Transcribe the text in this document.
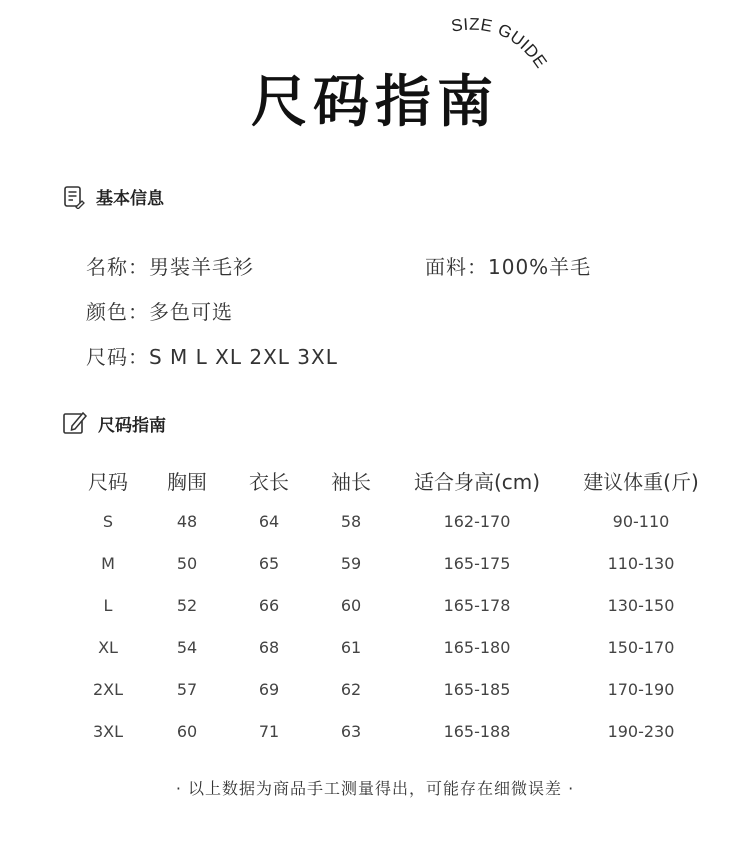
尺码指南
SIZE GUIDE
基本信息
名称：男装羊毛衫	面料：100%羊毛
颜色：多色可选
尺码：S M L XL 2XL 3XL
尺码指南
尺码	胸围	衣长	袖长	适合身高(cm)	建议体重(斤)
S	48	64	58	162-170	90-110
M	50	65	59	165-175	110-130
L	52	66	60	165-178	130-150
XL	54	68	61	165-180	150-170
2XL	57	69	62	165-185	170-190
3XL	60	71	63	165-188	190-230
· 以上数据为商品手工测量得出，可能存在细微误差 ·
